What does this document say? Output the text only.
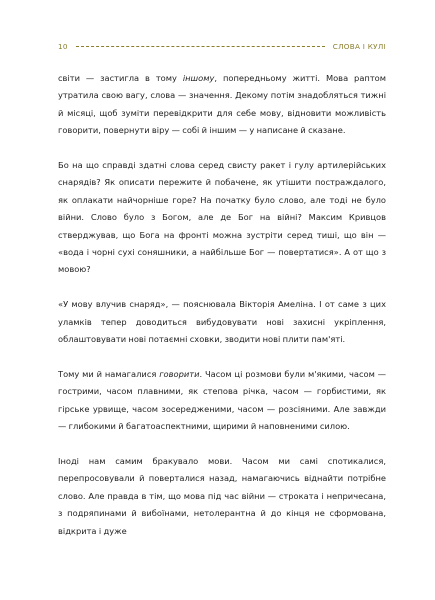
10	СЛОВА І КУЛІ

світи — застигла в тому іншому, попередньому житті. Мова раптом утратила свою вагу, слова — значення. Декому потім знадобляться тижні й місяці, щоб зуміти перевідкрити для себе мову, відновити можливість говорити, повернути віру — собі й іншим — у написане й сказане.

Бо на що справді здатні слова серед свисту ракет і гулу артилерійських снарядів? Як описати пережите й побачене, як утішити постраждалого, як оплакати найчорніше горе? На початку було слово, але тоді не було війни. Слово було з Богом, але де Бог на війні? Максим Кривцов стверджував, що Бога на фронті можна зустріти серед тиші, що він — «вода і чорні сухі соняшники, а найбільше Бог — повертатися». А от що з мовою?

«У мову влучив снаряд», — пояснювала Вікторія Амеліна. І от саме з цих уламків тепер доводиться вибудовувати нові захисні укріплення, облаштовувати нові потаємні сховки, зводити нові плити пам'яті.

Тому ми й намагалися говорити. Часом ці розмови були м'якими, часом — гострими, часом плавними, як степова річка, часом — горбистими, як гірське урвище, часом зосередженими, часом — розсіяними. Але завжди — глибокими й багатоаспектними, щирими й наповненими силою.

Іноді нам самим бракувало мови. Часом ми самі спотикалися, перепросовували й поверталися назад, намагаючись віднайти потрібне слово. Але правда в тім, що мова під час війни — строката і непричесана, з подряпинами й вибоїнами, нетолерантна й до кінця не сформована, відкрита і дуже
